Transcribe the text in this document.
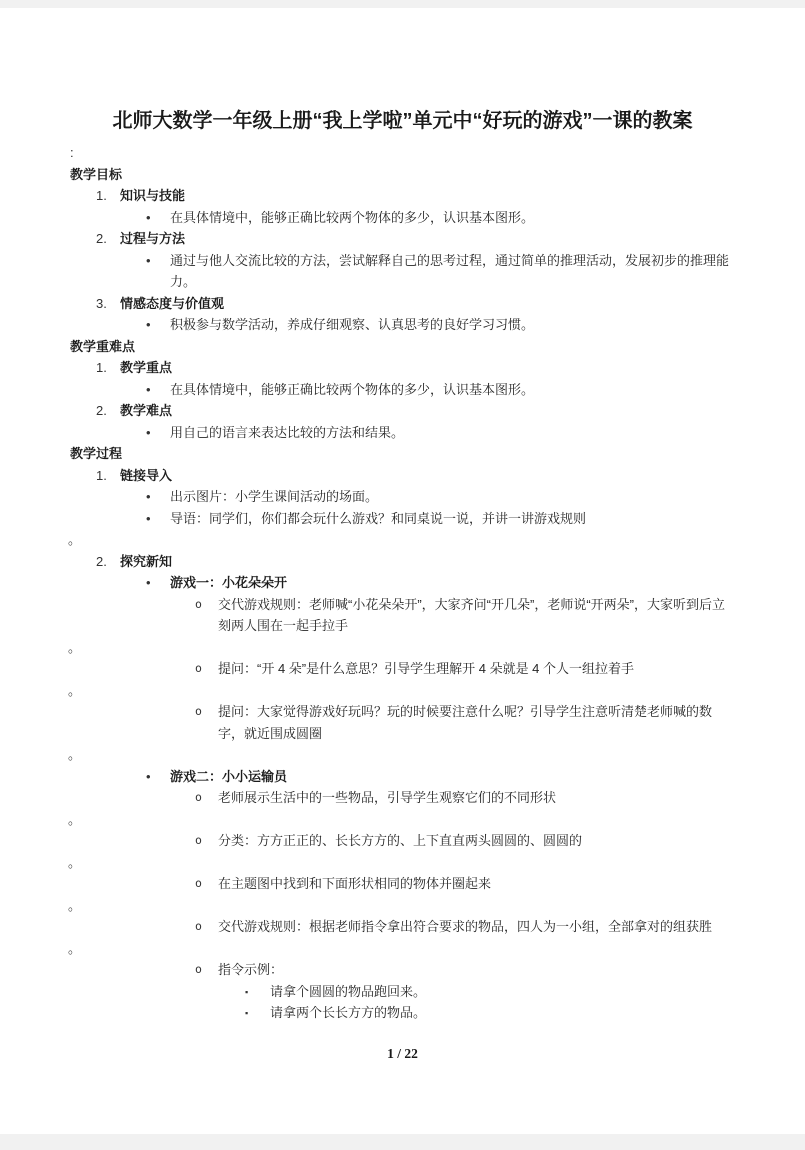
北师大数学一年级上册“我上学啦”单元中“好玩的游戏”一课的教案
:
教学目标
1. 知识与技能
• 在具体情境中，能够正确比较两个物体的多少，认识基本图形。
2. 过程与方法
• 通过与他人交流比较的方法，尝试解释自己的思考过程，通过简单的推理活动，发展初步的推理能力。
3. 情感态度与价值观
• 积极参与数学活动，养成仔细观察、认真思考的良好学习习惯。
教学重难点
1. 教学重点
• 在具体情境中，能够正确比较两个物体的多少，认识基本图形。
2. 教学难点
• 用自己的语言来表达比较的方法和结果。
教学过程
1. 链接导入
• 出示图片：小学生课间活动的场面。
• 导语：同学们，你们都会玩什么游戏？和同桌说一说，并讲一讲游戏规则
。
2. 探究新知
• 游戏一：小花朵朵开
o 交代游戏规则：老师喊“小花朵朵开”，大家齐问“开几朵”，老师说“开两朵”，大家听到后立刻两人围在一起手拉手
。
o 提问：“开 4 朵”是什么意思？引导学生理解开 4 朵就是 4 个人一组拉着手
。
o 提问：大家觉得游戏好玩吗？玩的时候要注意什么呢？引导学生注意听清楚老师喊的数字，就近围成圆圈
。
• 游戏二：小小运输员
o 老师展示生活中的一些物品，引导学生观察它们的不同形状
。
o 分类：方方正正的、长长方方的、上下直直两头圆圆的、圆圆的
。
o 在主题图中找到和下面形状相同的物体并圈起来
。
o 交代游戏规则：根据老师指令拿出符合要求的物品，四人为一小组，全部拿对的组获胜
。
o 指令示例：
▪ 请拿个圆圆的物品跑回来。
▪ 请拿两个长长方方的物品。
1 / 22
